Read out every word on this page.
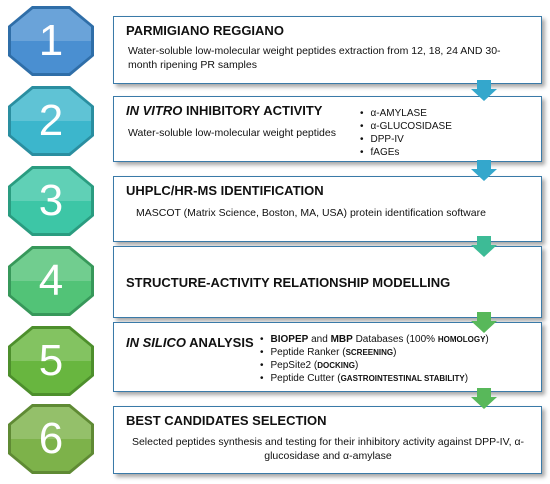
1
2
3
4
5
6
PARMIGIANO REGGIANO
Water-soluble low-molecular weight peptides extraction from 12, 18, 24 AND 30-month ripening PR samples
IN VITRO INHIBITORY ACTIVITY
Water-soluble low-molecular weight peptides
• α-AMYLASE
• α-GLUCOSIDASE
• DPP-IV
• fAGEs
UHPLC/HR-MS IDENTIFICATION
MASCOT (Matrix Science, Boston, MA, USA) protein identification software
STRUCTURE-ACTIVITY RELATIONSHIP MODELLING
IN SILICO ANALYSIS
•	BIOPEP and MBP Databases (100% HOMOLOGY)
• Peptide Ranker (SCREENING)
• PepSite2 (DOCKING)
• Peptide Cutter (GASTROINTESTINAL STABILITY)
BEST CANDIDATES SELECTION
Selected peptides synthesis and testing for their inhibitory activity against DPP-IV, α-glucosidase and α-amylase
